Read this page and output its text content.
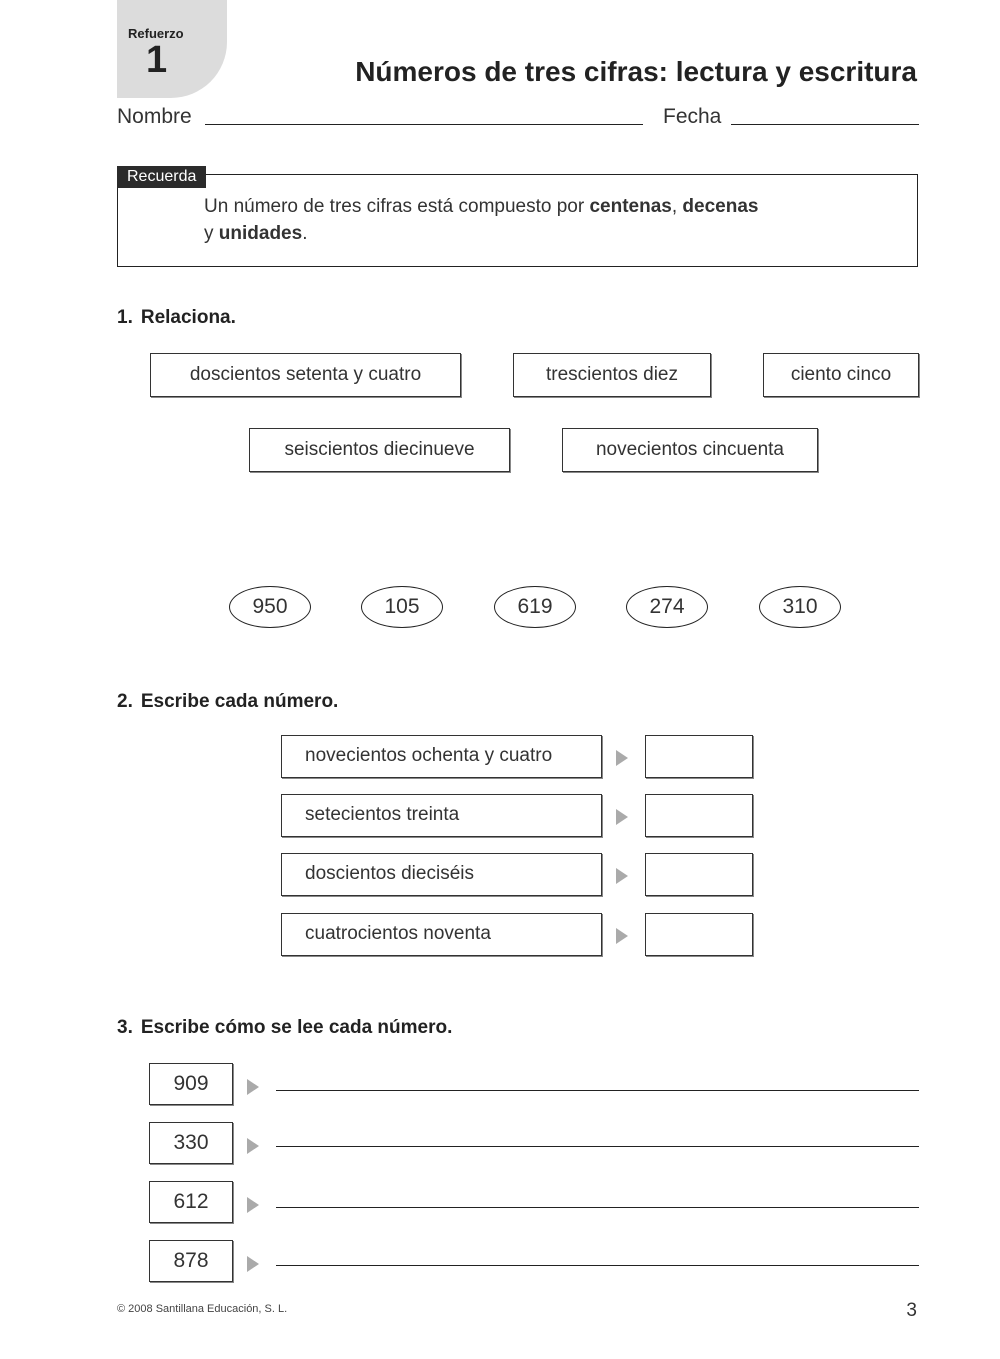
Refuerzo
1	Números de tres cifras: lectura y escritura
Nombre	Fecha
Recuerda
Un número de tres cifras está compuesto por centenas, decenas
y unidades.
1. Relaciona.
doscientos setenta y cuatro	trescientos diez	ciento cinco
seiscientos diecinueve	novecientos cincuenta
950	105	619	274	310
2. Escribe cada número.
novecientos ochenta y cuatro
setecientos treinta
doscientos dieciséis
cuatrocientos noventa
3. Escribe cómo se lee cada número.
909
330
612
878
© 2008 Santillana Educación, S. L.	3
